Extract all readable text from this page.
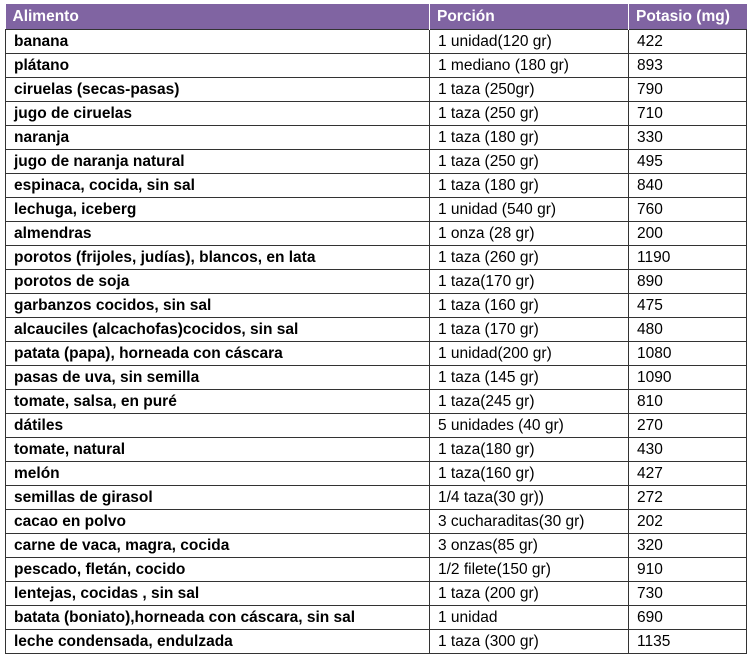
Alimento	Porción	Potasio (mg)
banana	1 unidad(120 gr)	422
plátano	1 mediano (180 gr)	893
ciruelas (secas-pasas)	1 taza (250gr)	790
jugo de ciruelas	1 taza (250 gr)	710
naranja	1 taza (180 gr)	330
jugo de naranja natural	1 taza (250 gr)	495
espinaca, cocida, sin sal	1 taza (180 gr)	840
lechuga, iceberg	1 unidad (540 gr)	760
almendras	1 onza (28 gr)	200
porotos (frijoles, judías), blancos, en lata	1 taza (260 gr)	1190
porotos de soja	1 taza(170 gr)	890
garbanzos cocidos, sin sal	1 taza (160 gr)	475
alcauciles (alcachofas)cocidos, sin sal	1 taza (170 gr)	480
patata (papa), horneada con cáscara	1 unidad(200 gr)	1080
pasas de uva, sin semilla	1 taza (145 gr)	1090
tomate, salsa, en puré	1 taza(245 gr)	810
dátiles	5 unidades (40 gr)	270
tomate, natural	1 taza(180 gr)	430
melón	1 taza(160 gr)	427
semillas de girasol	1/4 taza(30 gr))	272
cacao en polvo	3 cucharaditas(30 gr)	202
carne de vaca, magra, cocida	3 onzas(85 gr)	320
pescado, fletán, cocido	1/2 filete(150 gr)	910
lentejas, cocidas , sin sal	1 taza (200 gr)	730
batata (boniato),horneada con cáscara, sin sal	1 unidad	690
leche condensada, endulzada	1 taza (300 gr)	1135
